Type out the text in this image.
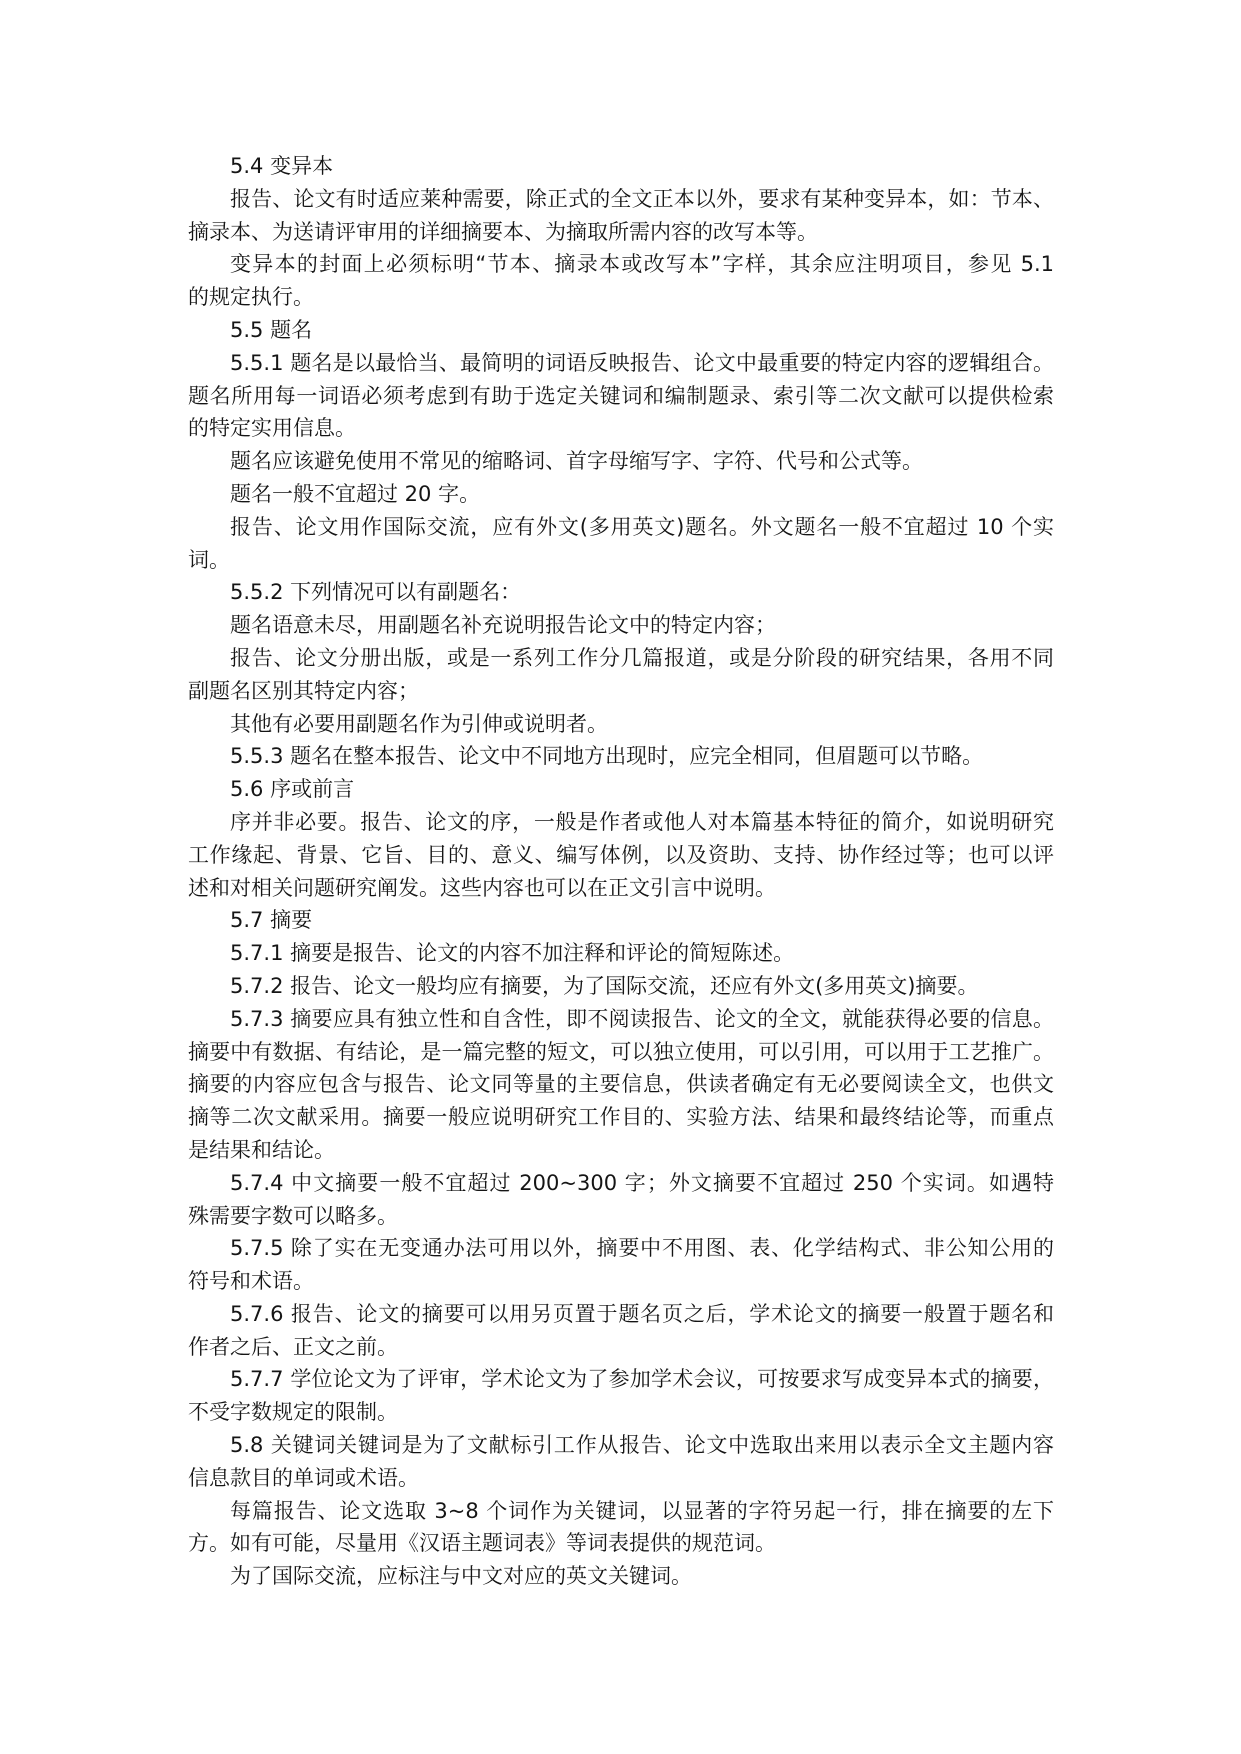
5.4 变异本
报告、论文有时适应莱种需要，除正式的全文正本以外，要求有某种变异本，如：节本、
摘录本、为送请评审用的详细摘要本、为摘取所需内容的改写本等。
变异本的封面上必须标明“节本、摘录本或改写本”字样，其余应注明项目，参见 5.1
的规定执行。
5.5 题名
5.5.1 题名是以最恰当、最简明的词语反映报告、论文中最重要的特定内容的逻辑组合。
题名所用每一词语必须考虑到有助于选定关键词和编制题录、索引等二次文献可以提供检索
的特定实用信息。
题名应该避免使用不常见的缩略词、首字母缩写字、字符、代号和公式等。
题名一般不宜超过 20 字。
报告、论文用作国际交流，应有外文(多用英文)题名。外文题名一般不宜超过 10 个实
词。
5.5.2 下列情况可以有副题名：
题名语意未尽，用副题名补充说明报告论文中的特定内容；
报告、论文分册出版，或是一系列工作分几篇报道，或是分阶段的研究结果，各用不同
副题名区别其特定内容；
其他有必要用副题名作为引伸或说明者。
5.5.3 题名在整本报告、论文中不同地方出现时，应完全相同，但眉题可以节略。
5.6 序或前言
序并非必要。报告、论文的序，一般是作者或他人对本篇基本特征的简介，如说明研究
工作缘起、背景、它旨、目的、意义、编写体例，以及资助、支持、协作经过等；也可以评
述和对相关问题研究阐发。这些内容也可以在正文引言中说明。
5.7 摘要
5.7.1 摘要是报告、论文的内容不加注释和评论的简短陈述。
5.7.2 报告、论文一般均应有摘要，为了国际交流，还应有外文(多用英文)摘要。
5.7.3 摘要应具有独立性和自含性，即不阅读报告、论文的全文，就能获得必要的信息。
摘要中有数据、有结论，是一篇完整的短文，可以独立使用，可以引用，可以用于工艺推广。
摘要的内容应包含与报告、论文同等量的主要信息，供读者确定有无必要阅读全文，也供文
摘等二次文献采用。摘要一般应说明研究工作目的、实验方法、结果和最终结论等，而重点
是结果和结论。
5.7.4 中文摘要一般不宜超过 200~300 字；外文摘要不宜超过 250 个实词。如遇特
殊需要字数可以略多。
5.7.5 除了实在无变通办法可用以外，摘要中不用图、表、化学结构式、非公知公用的
符号和术语。
5.7.6 报告、论文的摘要可以用另页置于题名页之后，学术论文的摘要一般置于题名和
作者之后、正文之前。
5.7.7 学位论文为了评审，学术论文为了参加学术会议，可按要求写成变异本式的摘要，
不受字数规定的限制。
5.8 关键词关键词是为了文献标引工作从报告、论文中选取出来用以表示全文主题内容
信息款目的单词或术语。
每篇报告、论文选取 3~8 个词作为关键词，以显著的字符另起一行，排在摘要的左下
方。如有可能，尽量用《汉语主题词表》等词表提供的规范词。
为了国际交流，应标注与中文对应的英文关键词。
